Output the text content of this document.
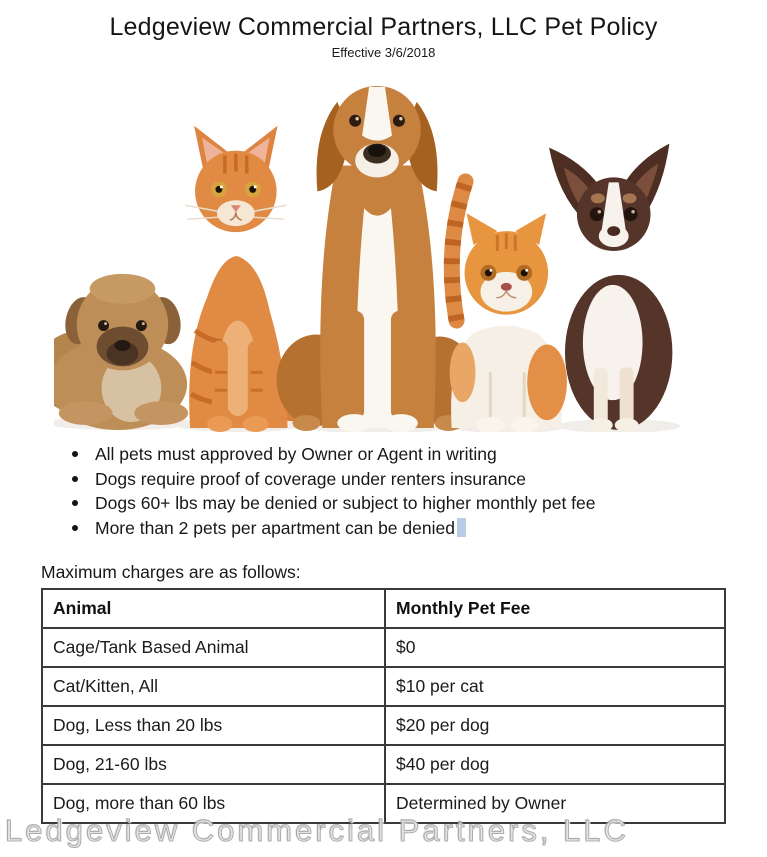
Ledgeview Commercial Partners, LLC Pet Policy
Effective 3/6/2018
All pets must approved by Owner or Agent in writing
Dogs require proof of coverage under renters insurance
Dogs 60+ lbs may be denied or subject to higher monthly pet fee
More than 2 pets per apartment can be denied
Maximum charges are as follows:
Animal	Monthly Pet Fee
Cage/Tank Based Animal	$0
Cat/Kitten, All	$10 per cat
Dog, Less than 20 lbs	$20 per dog
Dog, 21-60 lbs	$40 per dog
Dog, more than 60 lbs	Determined by Owner
Ledgeview Commercial Partners, LLC
